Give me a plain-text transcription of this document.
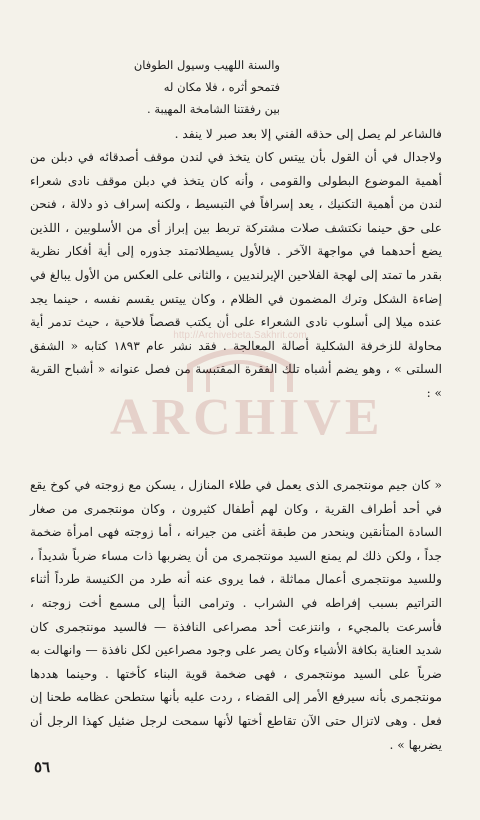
والسنة اللهيب وسيول الطوفان
فتمحو أثره ، فلا مكان له
بين رفقتنا الشامخة المهيبة .
فالشاعر لم يصل إلى حذقه الفني إلا بعد صبر لا ينفد .
ولاجدال في أن القول بأن ييتس كان يتخذ في لندن موقف أصدقائه في دبلن من أهمية الموضوع البطولى والقومى ، وأنه كان يتخذ في دبلن موقف نادى شعراء لندن من أهمية التكنيك ، يعد إسرافاً في التبسيط ، ولكنه إسراف ذو دلالة ، فنحن على حق حينما نكتشف صلات مشتركة تربط بين إبراز أى من الأسلوبين ، اللذين يضع أحدهما في مواجهة الآخر . فالأول يسيطلاتمتد جذوره إلى أية أفكار نظرية بقدر ما تمتد إلى لهجة الفلاحين الإيرلنديين ، والثانى على العكس من الأول يبالغ في إضاءة الشكل وترك المضمون في الظلام ، وكان ييتس يقسم نفسه ، حينما يجد عنده ميلا إلى أسلوب نادى الشعراء على أن يكتب قصصاً فلاحية ، حيث تدمر أية محاولة للزخرفة الشكلية أصالة المعالجة . فقد نشر عام ١٨٩٣ كتابه « الشفق السلتى » ، وهو يضم أشباه تلك الفقرة المقتبسة من فصل عنوانه « أشباح القرية » :
« كان جيم مونتجمرى الذى يعمل في طلاء المنازل ، يسكن مع زوجته في كوخ يقع في أحد أطراف القرية ، وكان لهم أطفال كثيرون ، وكان مونتجمرى من صغار السادة المتأنقين وينحدر من طبقة أغنى من جيرانه ، أما زوجته فهى امرأة ضخمة جداً ، ولكن ذلك لم يمنع السيد مونتجمرى من أن يضربها ذات مساء ضرباً شديداً ، وللسيد مونتجمرى أعمال مماثلة ، فما يروى عنه أنه طرد من الكنيسة طرداً أثناء التراتيم بسبب إفراطه في الشراب . وترامى النبأ إلى مسمع أخت زوجته ، فأسرعت بالمجيء ، وانتزعت أحد مصراعى النافذة — فالسيد مونتجمرى كان شديد العناية بكافة الأشياء وكان يصر على وجود مصراعين لكل نافذة — وانهالت به ضرباً على السيد مونتجمرى ، فهى ضخمة قوية البناء كأختها . وحينما هددها مونتجمرى بأنه سيرفع الأمر إلى القضاء ، ردت عليه بأنها ستطحن عظامه طحنا إن فعل . وهى لاتزال حتى الآن تقاطع أختها لأنها سمحت لرجل ضئيل كهذا الرجل أن يضربها » .
٥٦
http://Archivebeta.Sakhrit.com
ARCHIVE
